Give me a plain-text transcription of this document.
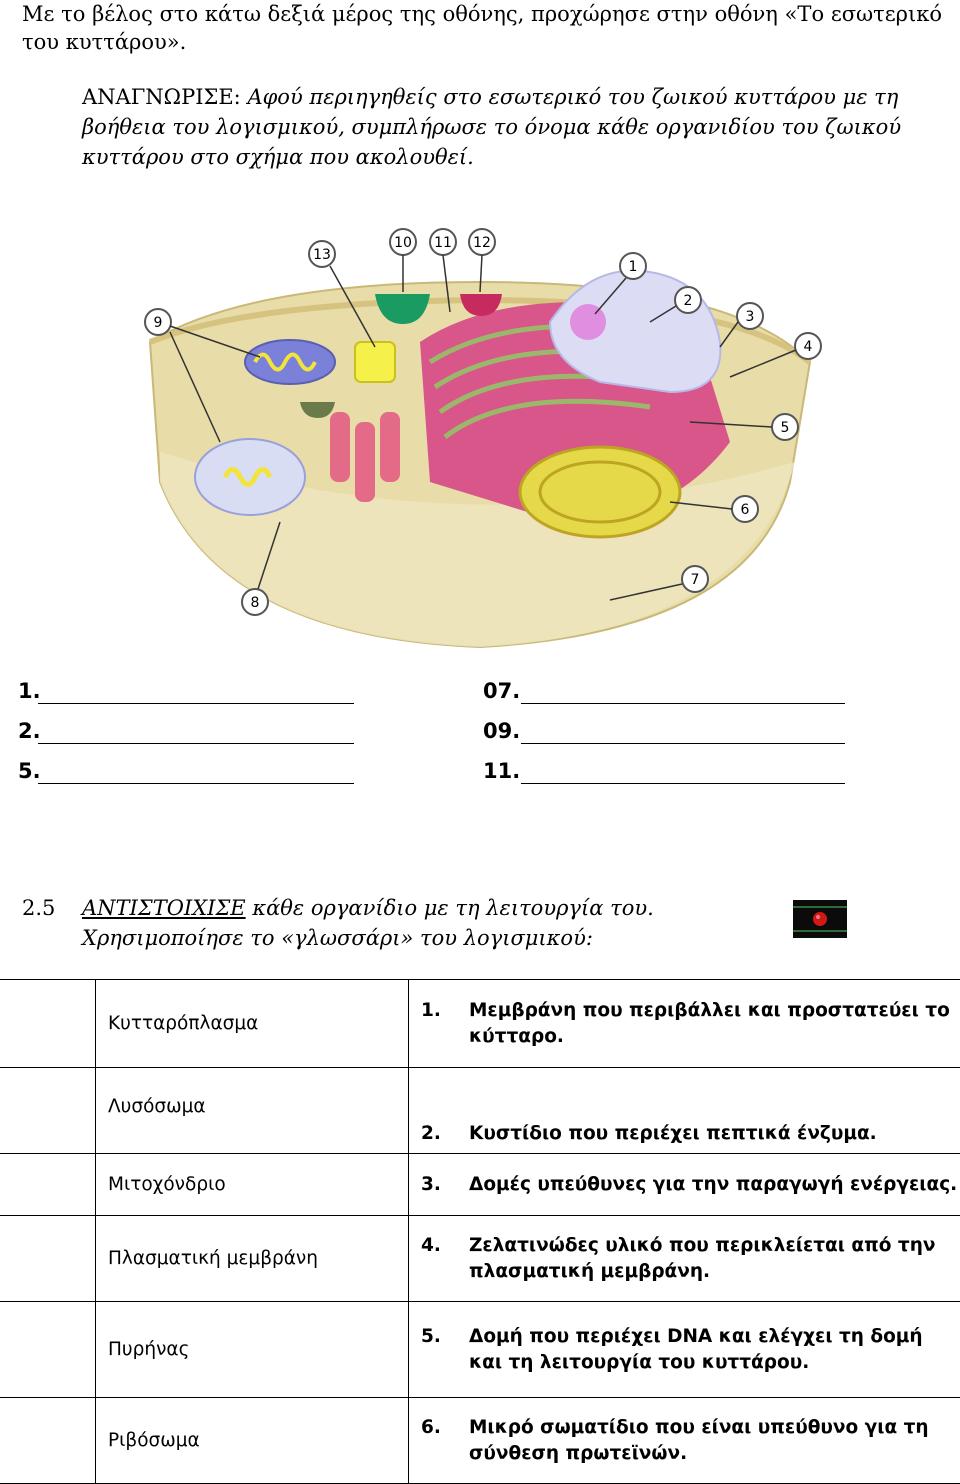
Με το βέλος στο κάτω δεξιά μέρος της οθόνης, προχώρησε στην οθόνη «Το εσωτερικό του κυττάρου».
ΑΝΑΓΝΩΡΙΣΕ: Αφού περιηγηθείς στο εσωτερικό του ζωικού κυττάρου με τη βοήθεια του λογισμικού, συμπλήρωσε το όνομα κάθε οργανιδίου του ζωικού κυττάρου στο σχήμα που ακολουθεί.
1
2
3
4
5
6
7
8
9
10 11 12
13
1.
2.
5.
07.
09.
11.
2.5 ΑΝΤΙΣΤΟΙΧΙΣΕ κάθε οργανίδιο με τη λειτουργία του.
Χρησιμοποίησε το «γλωσσάρι» του λογισμικού:
	Κυτταρόπλασμα	1. Μεμβράνη που περιβάλλει και προστατεύει το κύτταρο.
	Λυσόσωμα	2. Κυστίδιο που περιέχει πεπτικά ένζυμα.
	Μιτοχόνδριο	3. Δομές υπεύθυνες για την παραγωγή ενέργειας.
	Πλασματική μεμβράνη	4. Ζελατινώδες υλικό που περικλείεται από την πλασματική μεμβράνη.
	Πυρήνας	5. Δομή που περιέχει DNA και ελέγχει τη δομή και τη λειτουργία του κυττάρου.
	Ριβόσωμα	6. Μικρό σωματίδιο που είναι υπεύθυνο για τη σύνθεση πρωτεϊνών.
